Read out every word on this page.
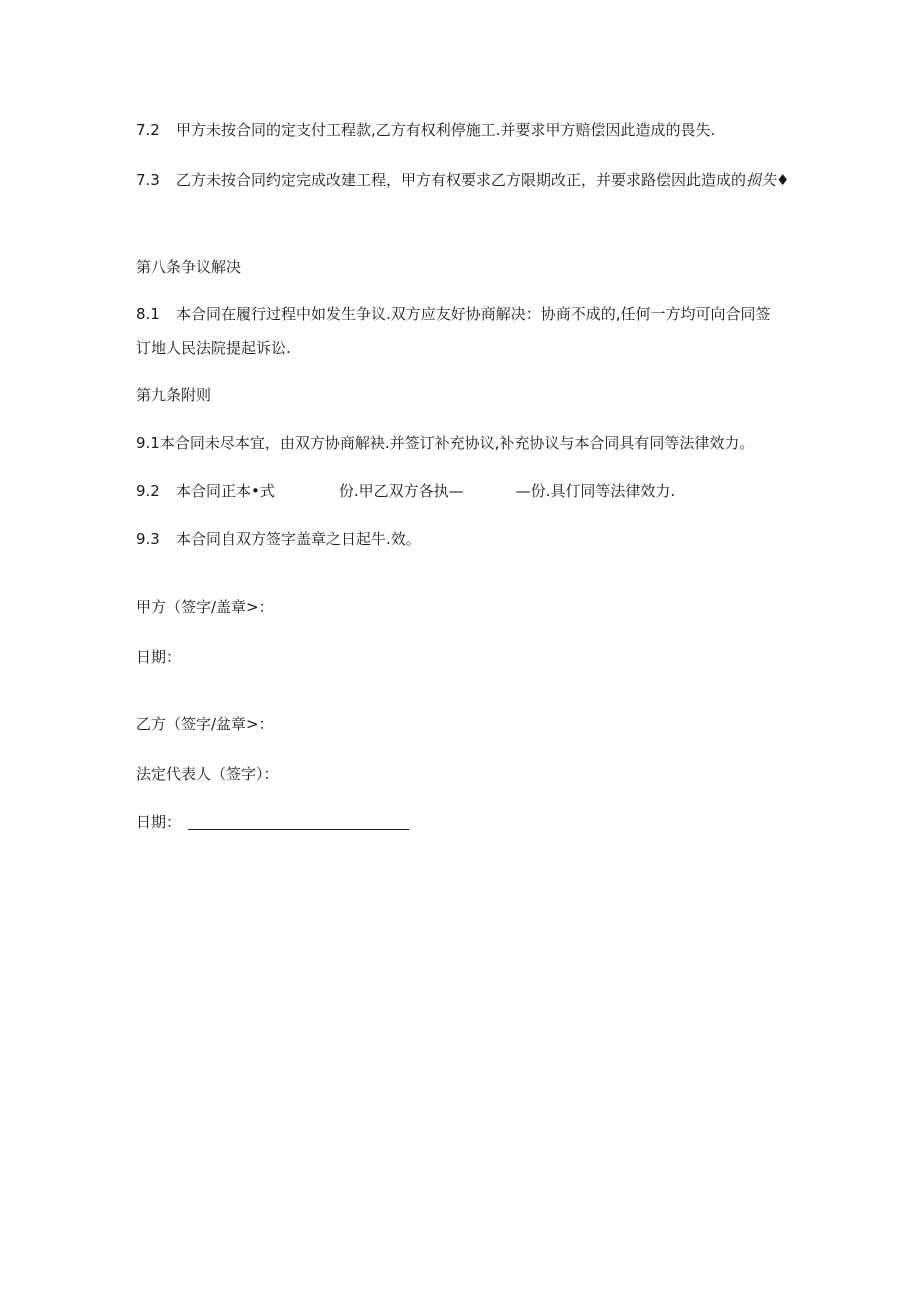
7.2 甲方未按合同的定支付工程款,乙方有权利停施工.并要求甲方赔偿因此造成的畏失.
7.3 乙方未按合同约定完成改建工程，甲方有权要求乙方限期改正，并要求路偿因此造成的损失♦
第八条争议解决
8.1 本合同在履行过程中如发生争议.双方应友好协商解决：协商不成的,任何一方均可向合同签
订地人民法院提起诉讼.
第九条附则
9.1本合同未尽本宜，由双方协商解袂.并签订补充协议,补充协议与本合同具有同等法律效力。
9.2 本合同正本•式	份.甲乙双方各执—	—份.具仃同等法律效力.
9.3 本合同自双方签字盖章之日起牛.效。
甲方（签字/盖章>：
日期：
乙方（签字/盆章>：
法定代表人（签字）：
日期：
